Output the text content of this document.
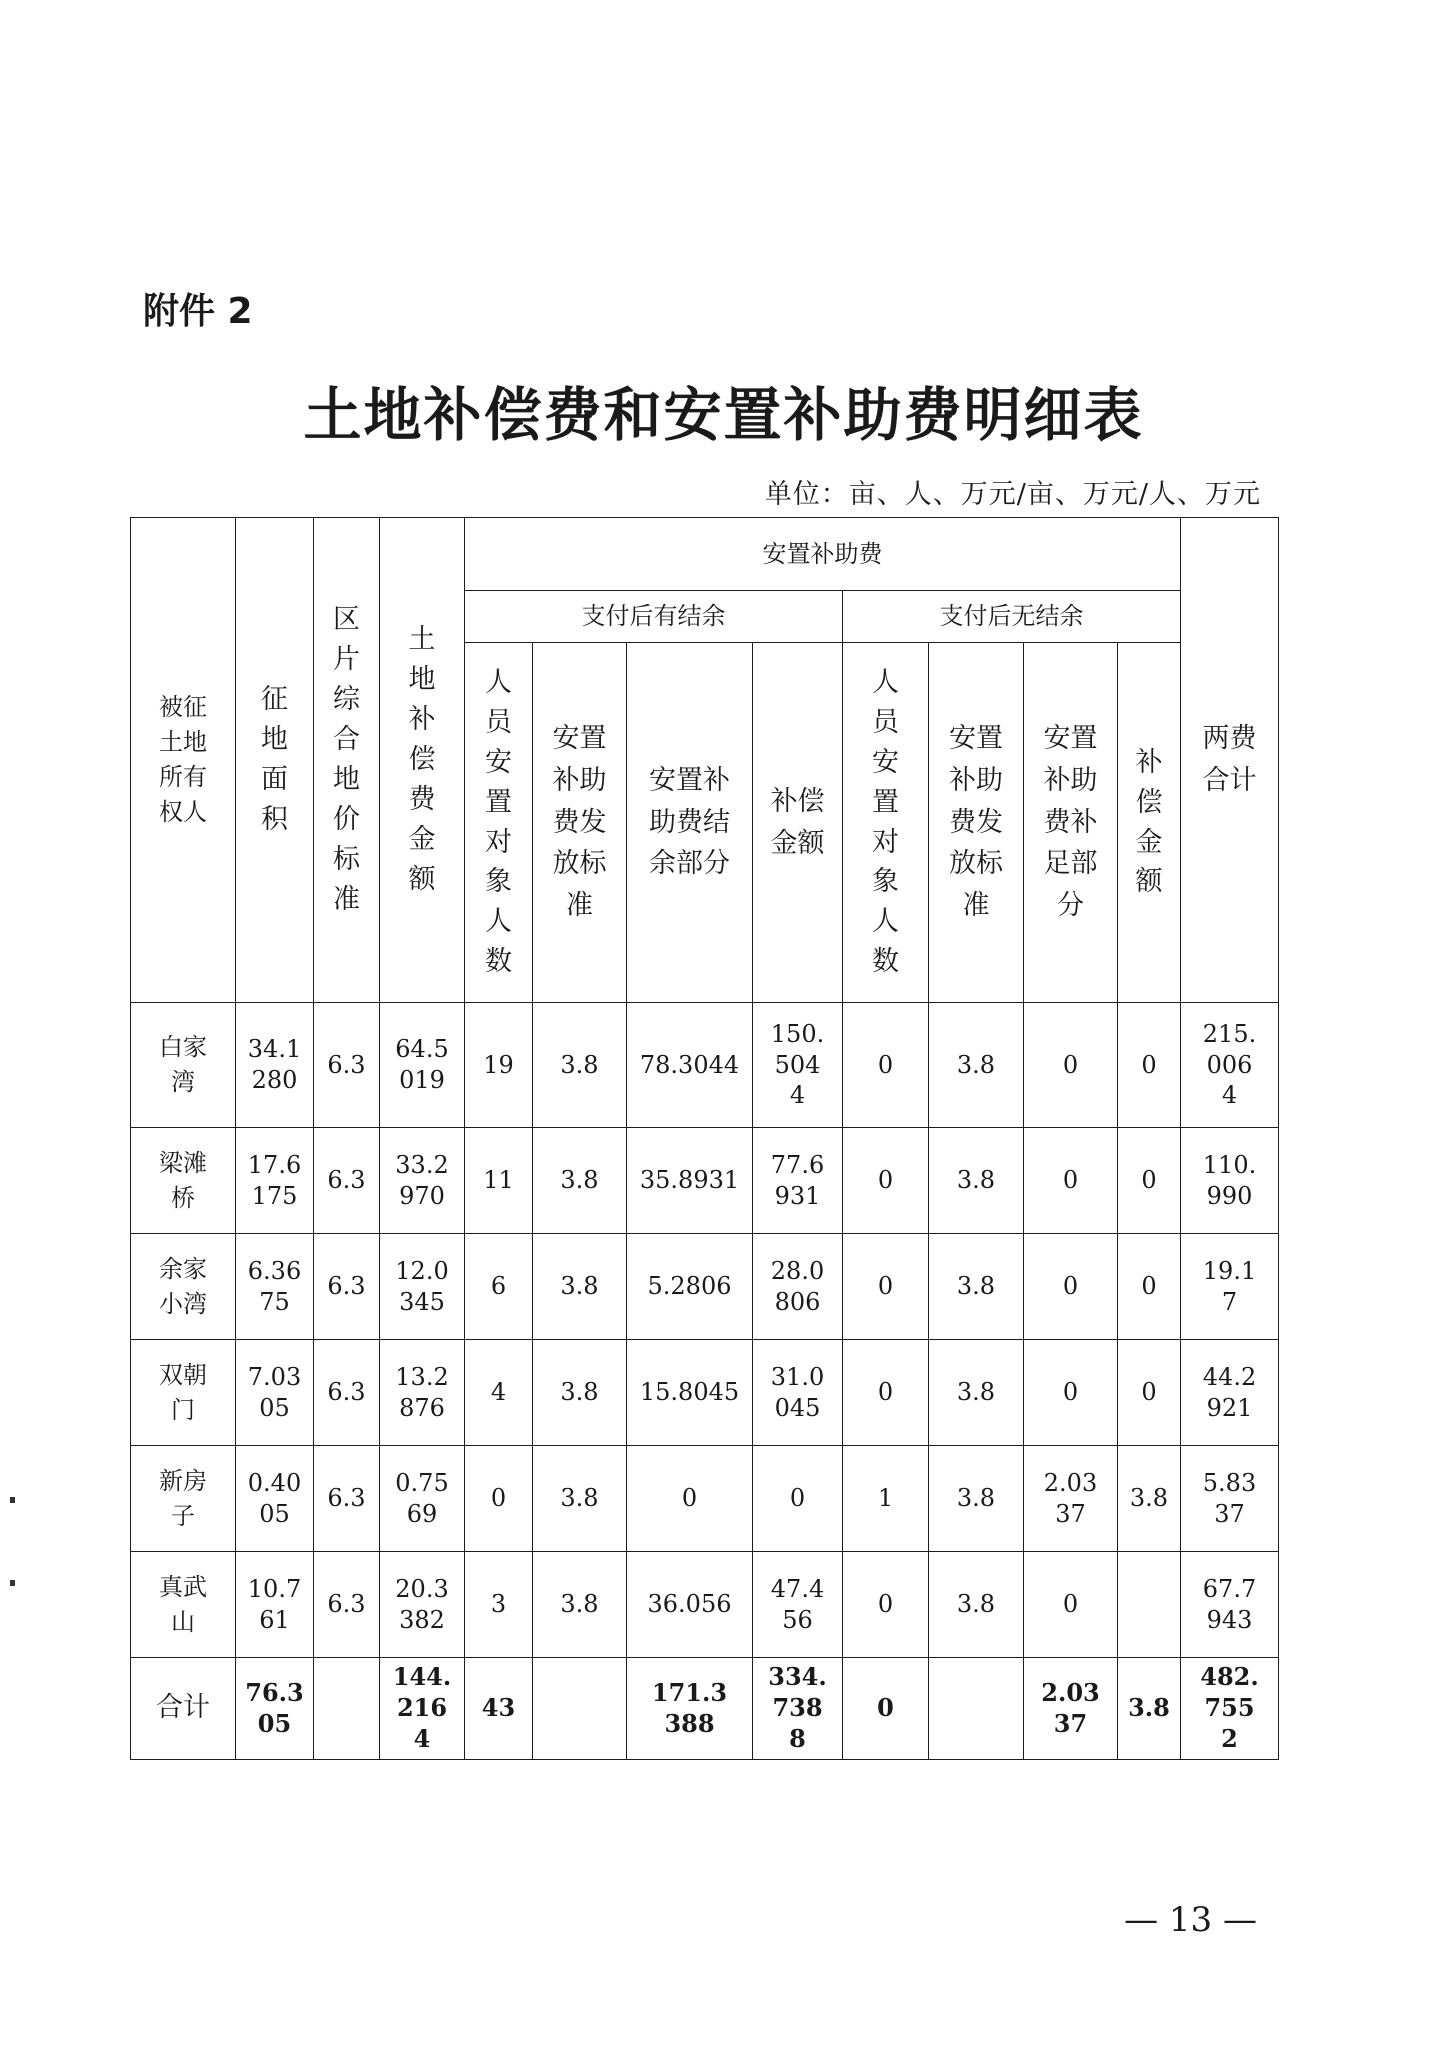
附件 2
土地补偿费和安置补助费明细表
单位：亩、人、万元/亩、万元/人、万元
被征土地所有权人	征地面积	区片综合地价标准	土地补偿费金额	安置补助费								两费合计
				支付后有结余				支付后无结余				
				人员安置对象人数	安置补助费发放标准	安置补助费结余部分	补偿金额	人员安置对象人数	安置补助费发放标准	安置补助费补足部分	补偿金额	
白家湾	34.1280	6.3	64.5019	19	3.8	78.3044	150.5044	0	3.8	0	0	215.0064
梁滩桥	17.6175	6.3	33.2970	11	3.8	35.8931	77.6931	0	3.8	0	0	110.990
余家小湾	6.3675	6.3	12.0345	6	3.8	5.2806	28.0806	0	3.8	0	0	19.17
双朝门	7.0305	6.3	13.2876	4	3.8	15.8045	31.0045	0	3.8	0	0	44.2921
新房子	0.4005	6.3	0.7569	0	3.8	0	0	1	3.8	2.0337	3.8	5.8337
真武山	10.761	6.3	20.3382	3	3.8	36.056	47.456	0	3.8	0		67.7943
合计	76.305		144.2164	43		171.3388	334.7388	0		2.0337	3.8	482.7552
— 13 —
